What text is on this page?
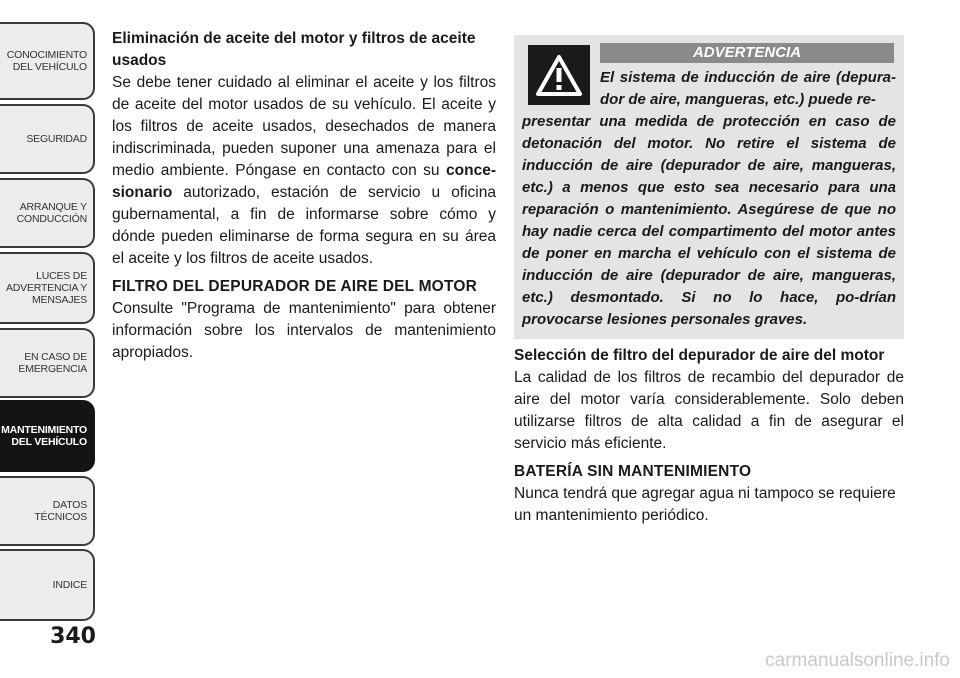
CONOCIMIENTO
DEL VEHÍCULO
SEGURIDAD
ARRANQUE Y
CONDUCCIÓN
LUCES DE
ADVERTENCIA Y
MENSAJES
EN CASO DE
EMERGENCIA
MANTENIMIENTO
DEL VEHÍCULO
DATOS
TÉCNICOS
INDICE
340

Eliminación de aceite del motor y filtros de aceite usados

Se debe tener cuidado al eliminar el aceite y los filtros de aceite del motor usados de su vehículo. El aceite y los filtros de aceite usados, desechados de manera indiscriminada, pueden suponer una amenaza para el medio ambiente. Póngase en contacto con su conce-sionario autorizado, estación de servicio u oficina gubernamental, a fin de informarse sobre cómo y dónde pueden eliminarse de forma segura en su área el aceite y los filtros de aceite usados.

FILTRO DEL DEPURADOR DE AIRE DEL MOTOR

Consulte "Programa de mantenimiento" para obtener información sobre los intervalos de mantenimiento apropiados.

ADVERTENCIA

El sistema de inducción de aire (depura-dor de aire, mangueras, etc.) puede re-

presentar una medida de protección en caso de detonación del motor. No retire el sistema de inducción de aire (depurador de aire, mangueras, etc.) a menos que esto sea necesario para una reparación o mantenimiento. Asegúrese de que no hay nadie cerca del compartimento del motor antes de poner en marcha el vehículo con el sistema de inducción de aire (depurador de aire, mangueras, etc.) desmontado. Si no lo hace, po-drían provocarse lesiones personales graves.

Selección de filtro del depurador de aire del motor

La calidad de los filtros de recambio del depurador de aire del motor varía considerablemente. Solo deben utilizarse filtros de alta calidad a fin de asegurar el servicio más eficiente.

BATERÍA SIN MANTENIMIENTO

Nunca tendrá que agregar agua ni tampoco se requiere un mantenimiento periódico.

carmanualsonline.info
